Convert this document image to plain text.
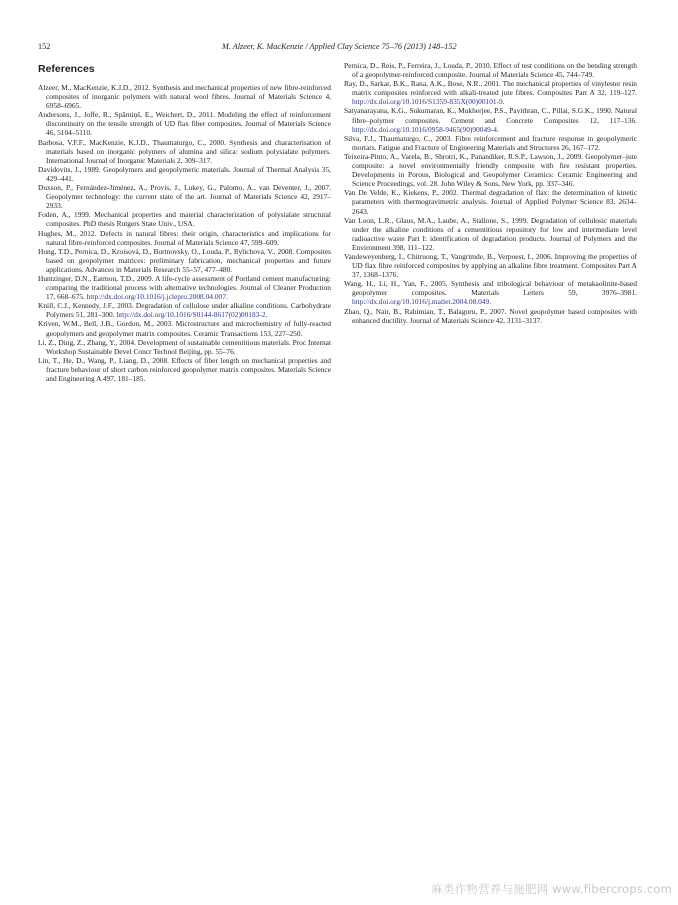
152	M. Alzeer, K. MacKenzie / Applied Clay Science 75–76 (2013) 148–152
References

Alzeer, M., MacKenzie, K.J.D., 2012. Synthesis and mechanical properties of new fibre-reinforced composites of inorganic polymers with natural wool fibres. Journal of Materials Science 4, 6958–6965.

Andersons, J., Joffe, R., Spārniņš, E., Weichert, D., 2011. Modeling the effect of reinforcement discontinuity on the tensile strength of UD flax fiber composites. Journal of Materials Science 46, 5104–5110.

Barbosa, V.F.F., MacKenzie, K.J.D., Thaumaturgo, C., 2000. Synthesis and characterisation of materials based on inorganic polymers of alumina and silica: sodium polysialate polymers. International Journal of Inorganic Materials 2, 309–317.

Davidovits, J., 1989. Geopolymers and geopolymeric materials. Journal of Thermal Analysis 35, 429–441.

Duxson, P., Fernández-Jiménez, A., Provis, J., Lukey, G., Palomo, A., van Deventer, J., 2007. Geopolymer technology: the current state of the art. Journal of Materials Science 42, 2917–2933.

Foden, A., 1999. Mechanical properties and material characterization of polysialate structural composites. PhD thesis Rutgers State Univ., USA.

Hughes, M., 2012. Defects in natural fibres: their origin, characteristics and implications for natural fibre-reinforced composites. Journal of Materials Science 47, 599–609.

Hung, T.D., Pernica, D., Kroisová, D., Bortnovsky, O., Louda, P., Rylichova, V., 2008. Composites based on geopolymer matrices: preliminary fabrication, mechanical properties and future applications. Advances in Materials Research 55–57, 477–480.

Huntzinger, D.N., Eatmon, T.D., 2009. A life-cycle assessment of Portland cement manufacturing: comparing the traditional process with alternative technologies. Journal of Cleaner Production 17, 668–675. http://dx.doi.org/10.1016/j.jclepro.2008.04.007.

Knill, C.J., Kennedy, J.F., 2003. Degradation of cellulose under alkaline conditions. Carbohydrate Polymers 51, 281–300. http://dx.doi.org/10.1016/S0144-8617(02)00183-2.

Kriven, W.M., Bell, J.B., Gordon, M., 2003. Microstructure and microchemistry of fully-reacted geopolymers and geopolymer matrix composites. Ceramic Transactions 153, 227–250.

Li, Z., Ding, Z., Zhang, Y., 2004. Development of sustainable cementitious materials. Proc Internat Workshop Sustainable Devel Concr Technol Beijing, pp. 55–76.

Lin, T., He, D., Wang, P., Liang, D., 2008. Effects of fiber length on mechanical properties and fracture behaviour of short carbon reinforced geopolymer matrix composites. Materials Science and Engineering A 497, 181–185.

Pernica, D., Reis, P., Ferreira, J., Louda, P., 2010. Effect of test conditions on the bending strength of a geopolymer-reinforced composite. Journal of Materials Science 45, 744–749.

Ray, D., Sarkar, B.K., Rana, A.K., Bose, N.R., 2001. The mechanical properties of vinylester resin matrix composites reinforced with alkali-treated jute fibres. Composites Part A 32, 119–127. http://dx.doi.org/10.1016/S1359-835X(00)00101-9.

Satyanarayana, K.G., Sukumaran, K., Mukherjee, P.S., Pavithran, C., Pillai, S.G.K., 1990. Natural fibre–polymer composites. Cement and Concrete Composites 12, 117–136. http://dx.doi.org/10.1016/0958-9465(90)90049-4.

Silva, F.J., Thaumaturgo, C., 2003. Fibre reinforcement and fracture response in geopolymeric mortars. Fatigue and Fracture of Engineering Materials and Structures 26, 167–172.

Teixeira-Pinto, A., Varela, B., Shrotri, K., Panandiker, R.S.P., Lawson, J., 2009. Geopolymer–jute composite: a novel environmentally friendly composite with fire resistant properties. Developments in Porous, Biological and Geopolymer Ceramics: Ceramic Engineering and Science Proceedings, vol. 28. John Wiley & Sons, New York, pp. 337–346.

Van De Velde, K., Kiekens, P., 2002. Thermal degradation of flax: the determination of kinetic parameters with thermogravimetric analysis. Journal of Applied Polymer Science 83, 2634–2643.

Van Loon, L.R., Glaus, M.A., Laube, A., Stallone, S., 1999. Degradation of cellulosic materials under the alkaline conditions of a cementitious repository for low and intermediate level radioactive waste Part I: identification of degradation products. Journal of Polymers and the Environment 398, 111–122.

Vandeweyenberg, I., Chitruong, T., Vangrimde, B., Verpoest, I., 2006. Improving the properties of UD flax fibre reinforced composites by applying an alkaline fibre treatment. Composites Part A 37, 1368–1376.

Wang, H., Li, H., Yan, F., 2005. Synthesis and tribological behaviour of metakaolinite-based geopolymer composites. Materials Letters 59, 3976–3981. http://dx.doi.org/10.1016/j.matlet.2004.08.049.

Zhao, Q., Nair, B., Rahimian, T., Balaguru, P., 2007. Novel geopolymer based composites with enhanced ductility. Journal of Materials Science 42, 3131–3137.

麻类作物营养与施肥网 www.fibercrops.com
